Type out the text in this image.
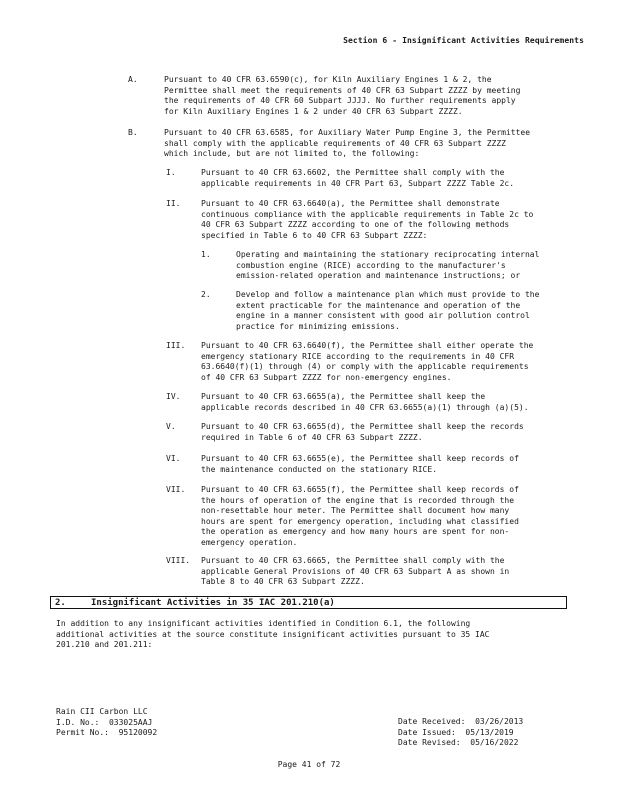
Section 6 - Insignificant Activities Requirements
A.	Pursuant to 40 CFR 63.6590(c), for Kiln Auxiliary Engines 1 & 2, the
Permittee shall meet the requirements of 40 CFR 63 Subpart ZZZZ by meeting
the requirements of 40 CFR 60 Subpart JJJJ. No further requirements apply
for Kiln Auxiliary Engines 1 & 2 under 40 CFR 63 Subpart ZZZZ.
B.	Pursuant to 40 CFR 63.6585, for Auxiliary Water Pump Engine 3, the Permittee
shall comply with the applicable requirements of 40 CFR 63 Subpart ZZZZ
which include, but are not limited to, the following:
I.	Pursuant to 40 CFR 63.6602, the Permittee shall comply with the
applicable requirements in 40 CFR Part 63, Subpart ZZZZ Table 2c.
II.	Pursuant to 40 CFR 63.6640(a), the Permittee shall demonstrate
continuous compliance with the applicable requirements in Table 2c to
40 CFR 63 Subpart ZZZZ according to one of the following methods
specified in Table 6 to 40 CFR 63 Subpart ZZZZ:
1.	Operating and maintaining the stationary reciprocating internal
combustion engine (RICE) according to the manufacturer's
emission-related operation and maintenance instructions; or
2.	Develop and follow a maintenance plan which must provide to the
extent practicable for the maintenance and operation of the
engine in a manner consistent with good air pollution control
practice for minimizing emissions.
III. Pursuant to 40 CFR 63.6640(f), the Permittee shall either operate the
emergency stationary RICE according to the requirements in 40 CFR
63.6640(f)(1) through (4) or comply with the applicable requirements
of 40 CFR 63 Subpart ZZZZ for non-emergency engines.
IV.	Pursuant to 40 CFR 63.6655(a), the Permittee shall keep the
applicable records described in 40 CFR 63.6655(a)(1) through (a)(5).
V.	Pursuant to 40 CFR 63.6655(d), the Permittee shall keep the records
required in Table 6 of 40 CFR 63 Subpart ZZZZ.
VI.	Pursuant to 40 CFR 63.6655(e), the Permittee shall keep records of
the maintenance conducted on the stationary RICE.
VII. Pursuant to 40 CFR 63.6655(f), the Permittee shall keep records of
the hours of operation of the engine that is recorded through the
non-resettable hour meter. The Permittee shall document how many
hours are spent for emergency operation, including what classified
the operation as emergency and how many hours are spent for non-
emergency operation.
VIII. Pursuant to 40 CFR 63.6665, the Permittee shall comply with the
applicable General Provisions of 40 CFR 63 Subpart A as shown in
Table 8 to 40 CFR 63 Subpart ZZZZ.
2.	Insignificant Activities in 35 IAC 201.210(a)
In addition to any insignificant activities identified in Condition 6.1, the following
additional activities at the source constitute insignificant activities pursuant to 35 IAC
201.210 and 201.211:
Rain CII Carbon LLC
I.D. No.:  033025AAJ
Permit No.:  95120092
Date Received:  03/26/2013
Date Issued:  05/13/2019
Date Revised:  05/16/2022
Page 41 of 72
